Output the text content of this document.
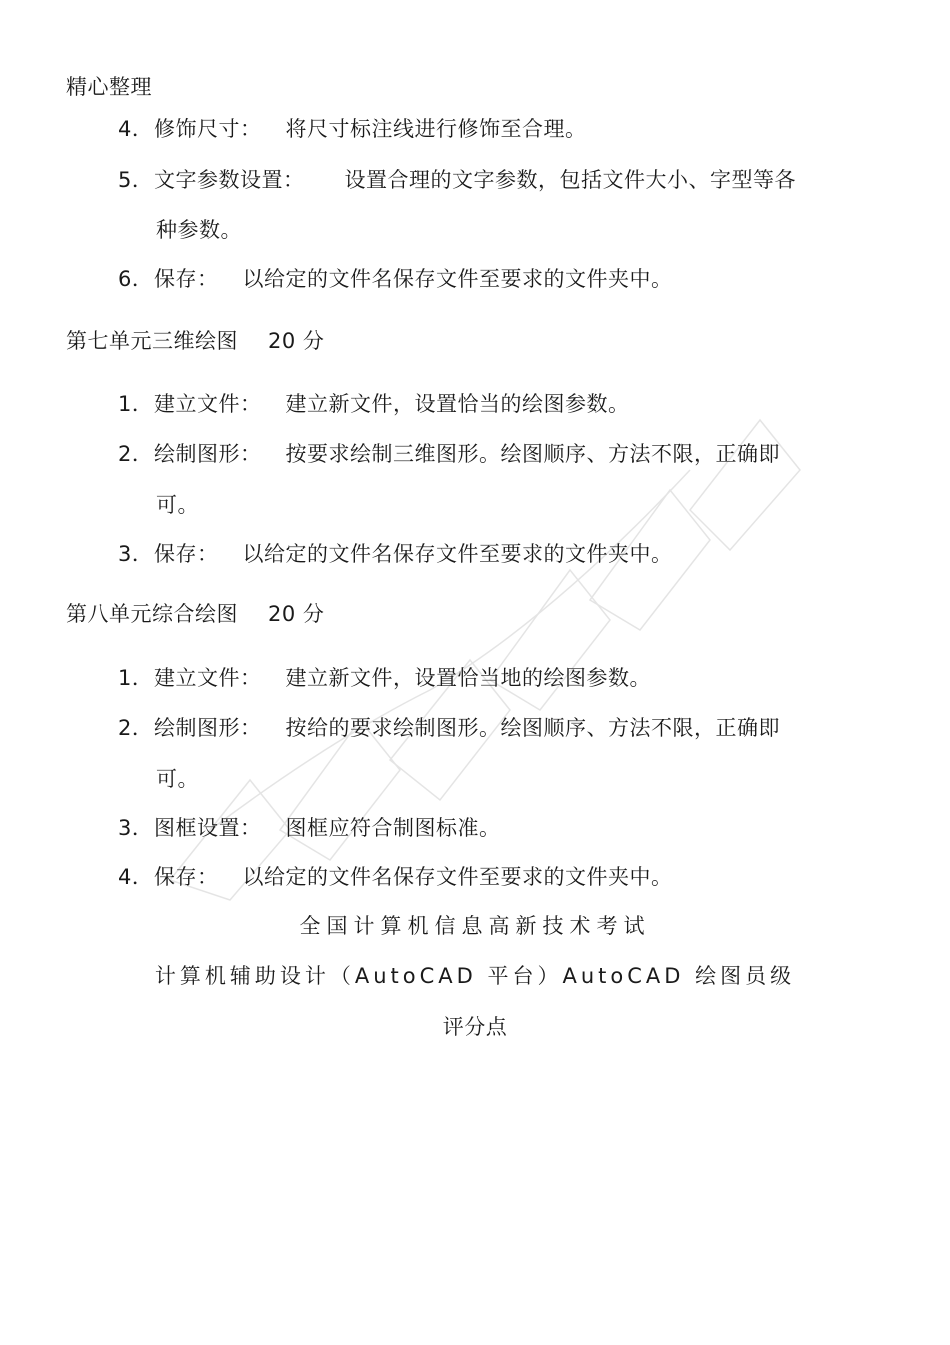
精心整理
4．修饰尺寸： 将尺寸标注线进行修饰至合理。
5．文字参数设置： 设置合理的文字参数，包括文件大小、字型等各
种参数。
6．保存： 以给定的文件名保存文件至要求的文件夹中。
第七单元三维绘图 20 分
1．建立文件： 建立新文件，设置恰当的绘图参数。
2．绘制图形： 按要求绘制三维图形。绘图顺序、方法不限，正确即
可。
3．保存： 以给定的文件名保存文件至要求的文件夹中。
第八单元综合绘图 20 分
1．建立文件： 建立新文件，设置恰当地的绘图参数。
2．绘制图形： 按给的要求绘制图形。绘图顺序、方法不限，正确即
可。
3．图框设置： 图框应符合制图标准。
4．保存： 以给定的文件名保存文件至要求的文件夹中。
全国计算机信息高新技术考试
计算机辅助设计（AutoCAD 平台）AutoCAD 绘图员级
评分点
